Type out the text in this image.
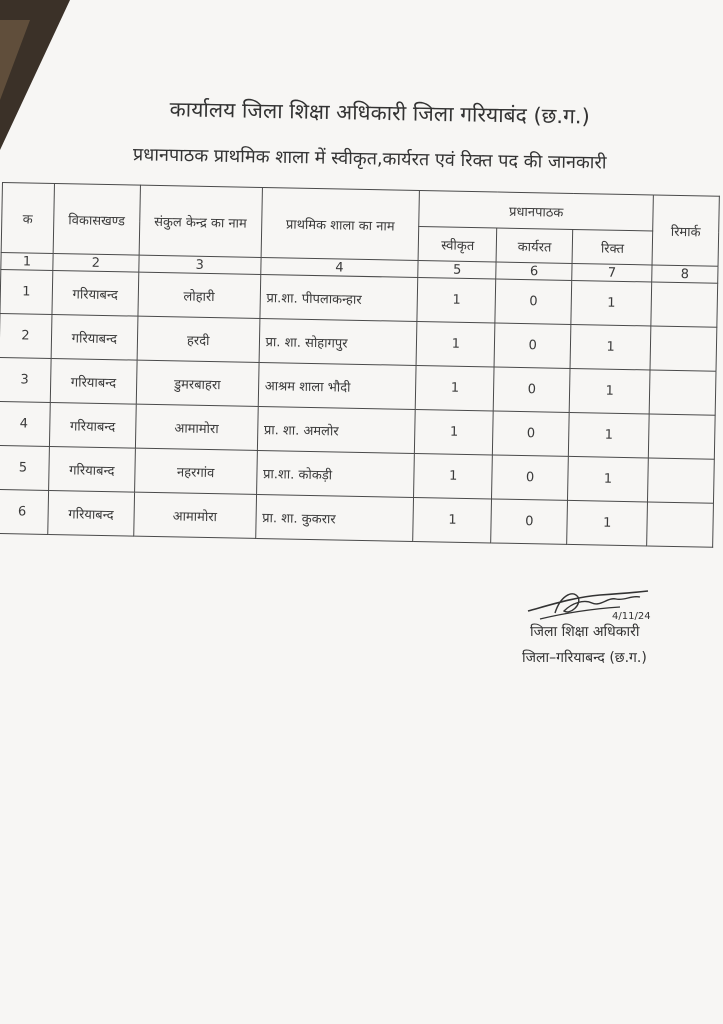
कार्यालय जिला शिक्षा अधिकारी जिला गरियाबंद (छ.ग.)
प्रधानपाठक प्राथमिक शाला में स्वीकृत,कार्यरत एवं रिक्त पद की जानकारी
क	विकासखण्ड	संकुल केन्द्र का नाम	प्राथमिक शाला का नाम	प्रधानपाठक			रिमार्क
				स्वीकृत	कार्यरत	रिक्त	
1	2	3	4	5	6	7	8
1	गरियाबन्द	लोहारी	प्रा.शा. पीपलाकन्हार	1	0	1	
2	गरियाबन्द	हरदी	प्रा. शा. सोहागपुर	1	0	1	
3	गरियाबन्द	डुमरबाहरा	आश्रम शाला भौदी	1	0	1	
4	गरियाबन्द	आमामोरा	प्रा. शा. अमलोर	1	0	1	
5	गरियाबन्द	नहरगांव	प्रा.शा. कोकड़ी	1	0	1	
6	गरियाबन्द	आमामोरा	प्रा. शा. कुकरार	1	0	1	
4/11/24
जिला शिक्षा अधिकारी
जिला–गरियाबन्द (छ.ग.)
